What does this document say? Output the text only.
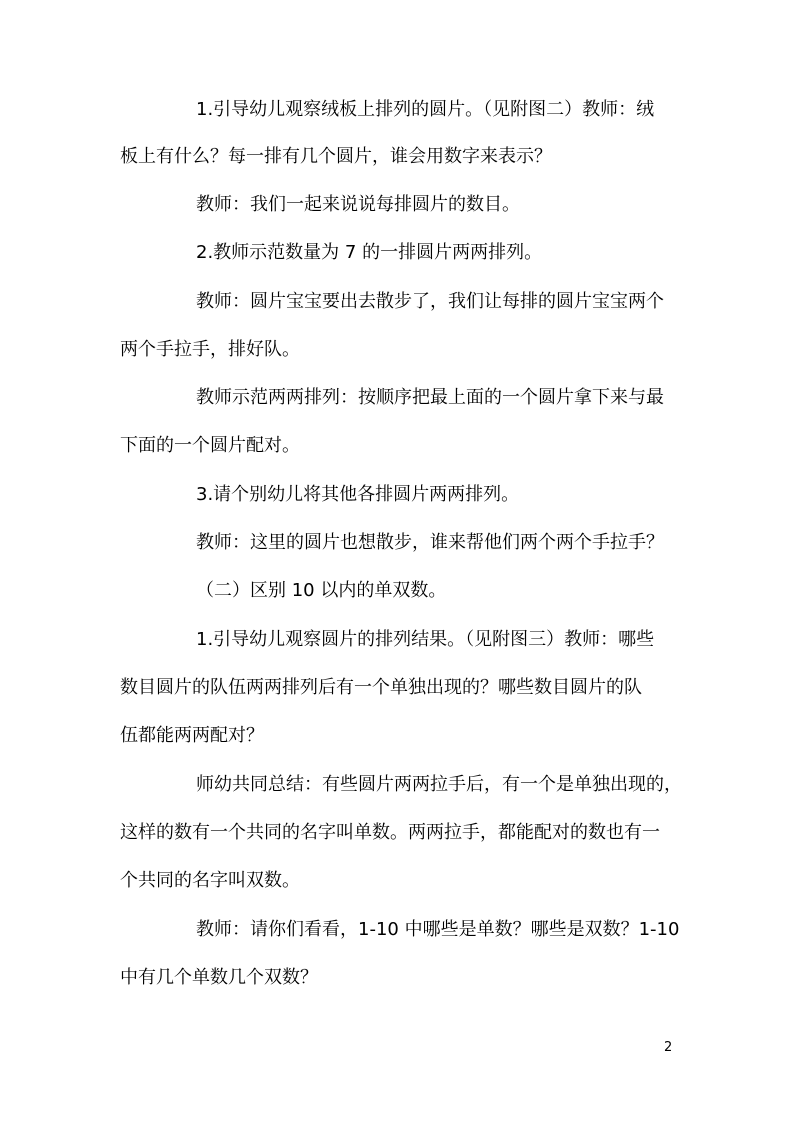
1.引导幼儿观察绒板上排列的圆片。（见附图二）教师：绒
板上有什么？每一排有几个圆片，谁会用数字来表示？
教师：我们一起来说说每排圆片的数目。
2.教师示范数量为 7 的一排圆片两两排列。
教师：圆片宝宝要出去散步了，我们让每排的圆片宝宝两个
两个手拉手，排好队。
教师示范两两排列：按顺序把最上面的一个圆片拿下来与最
下面的一个圆片配对。
3.请个别幼儿将其他各排圆片两两排列。
教师：这里的圆片也想散步，谁来帮他们两个两个手拉手？
（二）区别 10 以内的单双数。
1.引导幼儿观察圆片的排列结果。（见附图三）教师：哪些
数目圆片的队伍两两排列后有一个单独出现的？哪些数目圆片的队
伍都能两两配对？
师幼共同总结：有些圆片两两拉手后，有一个是单独出现的，
这样的数有一个共同的名字叫单数。两两拉手，都能配对的数也有一
个共同的名字叫双数。
教师：请你们看看，1-10 中哪些是单数？哪些是双数？1-10
中有几个单数几个双数？
2
